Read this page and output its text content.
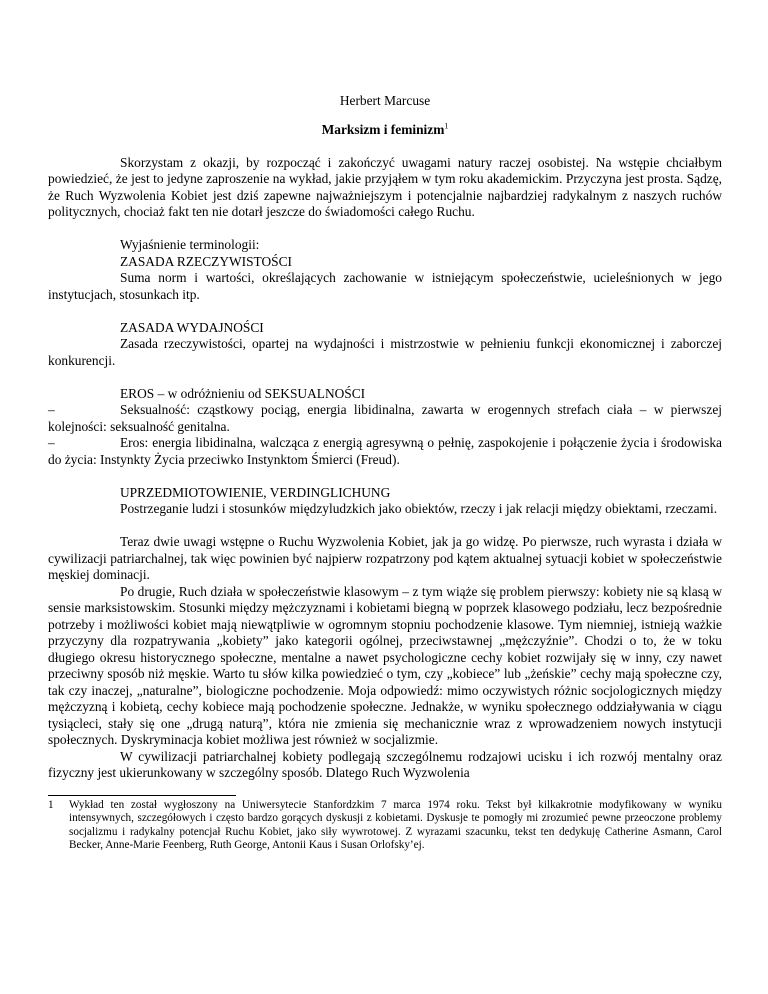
Herbert Marcuse
Marksizm i feminizm$^1$

Skorzystam z okazji, by rozpocząć i zakończyć uwagami natury raczej osobistej. Na wstępie chciałbym powiedzieć, że jest to jedyne zaproszenie na wykład, jakie przyjąłem w tym roku akademickim. Przyczyna jest prosta. Sądzę, że Ruch Wyzwolenia Kobiet jest dziś zapewne najważniejszym i potencjalnie najbardziej radykalnym z naszych ruchów politycznych, chociaż fakt ten nie dotarł jeszcze do świadomości całego Ruchu.

Wyjaśnienie terminologii:

ZASADA RZECZYWISTOŚCI

Suma norm i wartości, określających zachowanie w istniejącym społeczeństwie, ucieleśnionych w jego instytucjach, stosunkach itp.

ZASADA WYDAJNOŚCI

Zasada rzeczywistości, opartej na wydajności i mistrzostwie w pełnieniu funkcji ekonomicznej i zaborczej konkurencji.

EROS – w odróżnieniu od SEKSUALNOŚCI

–	Seksualność: cząstkowy pociąg, energia libidinalna, zawarta w erogennych strefach ciała – w pierwszej kolejności: seksualność genitalna.

–	Eros: energia libidinalna, walcząca z energią agresywną o pełnię, zaspokojenie i połączenie życia i środowiska do życia: Instynkty Życia przeciwko Instynktom Śmierci (Freud).

UPRZEDMIOTOWIENIE, VERDINGLICHUNG

Postrzeganie ludzi i stosunków międzyludzkich jako obiektów, rzeczy i jak relacji między obiektami, rzeczami.

Teraz dwie uwagi wstępne o Ruchu Wyzwolenia Kobiet, jak ja go widzę. Po pierwsze, ruch wyrasta i działa w cywilizacji patriarchalnej, tak więc powinien być najpierw rozpatrzony pod kątem aktualnej sytuacji kobiet w społeczeństwie męskiej dominacji.

Po drugie, Ruch działa w społeczeństwie klasowym – z tym wiąże się problem pierwszy: kobiety nie są klasą w sensie marksistowskim. Stosunki między mężczyznami i kobietami biegną w poprzek klasowego podziału, lecz bezpośrednie potrzeby i możliwości kobiet mają niewątpliwie w ogromnym stopniu pochodzenie klasowe. Tym niemniej, istnieją ważkie przyczyny dla rozpatrywania „kobiety” jako kategorii ogólnej, przeciwstawnej „mężczyźnie”. Chodzi o to, że w toku długiego okresu historycznego społeczne, mentalne a nawet psychologiczne cechy kobiet rozwijały się w inny, czy nawet przeciwny sposób niż męskie. Warto tu słów kilka powiedzieć o tym, czy „kobiece” lub „żeńskie” cechy mają społeczne czy, tak czy inaczej, „naturalne”, biologiczne pochodzenie. Moja odpowiedź: mimo oczywistych różnic socjologicznych między mężczyzną i kobietą, cechy kobiece mają pochodzenie społeczne. Jednakże, w wyniku społecznego oddziaływania w ciągu tysiącleci, stały się one „drugą naturą”, która nie zmienia się mechanicznie wraz z wprowadzeniem nowych instytucji społecznych. Dyskryminacja kobiet możliwa jest również w socjalizmie.

W cywilizacji patriarchalnej kobiety podlegają szczególnemu rodzajowi ucisku i ich rozwój mentalny oraz fizyczny jest ukierunkowany w szczególny sposób. Dlatego Ruch Wyzwolenia

1 Wykład ten został wygłoszony na Uniwersytecie Stanfordzkim 7 marca 1974 roku. Tekst był kilkakrotnie modyfikowany w wyniku intensywnych, szczegółowych i często bardzo gorących dyskusji z kobietami. Dyskusje te pomogły mi zrozumieć pewne przeoczone problemy socjalizmu i radykalny potencjał Ruchu Kobiet, jako siły wywrotowej. Z wyrazami szacunku, tekst ten dedykuję Catherine Asmann, Carol Becker, Anne-Marie Feenberg, Ruth George, Antonii Kaus i Susan Orlofsky’ej.
